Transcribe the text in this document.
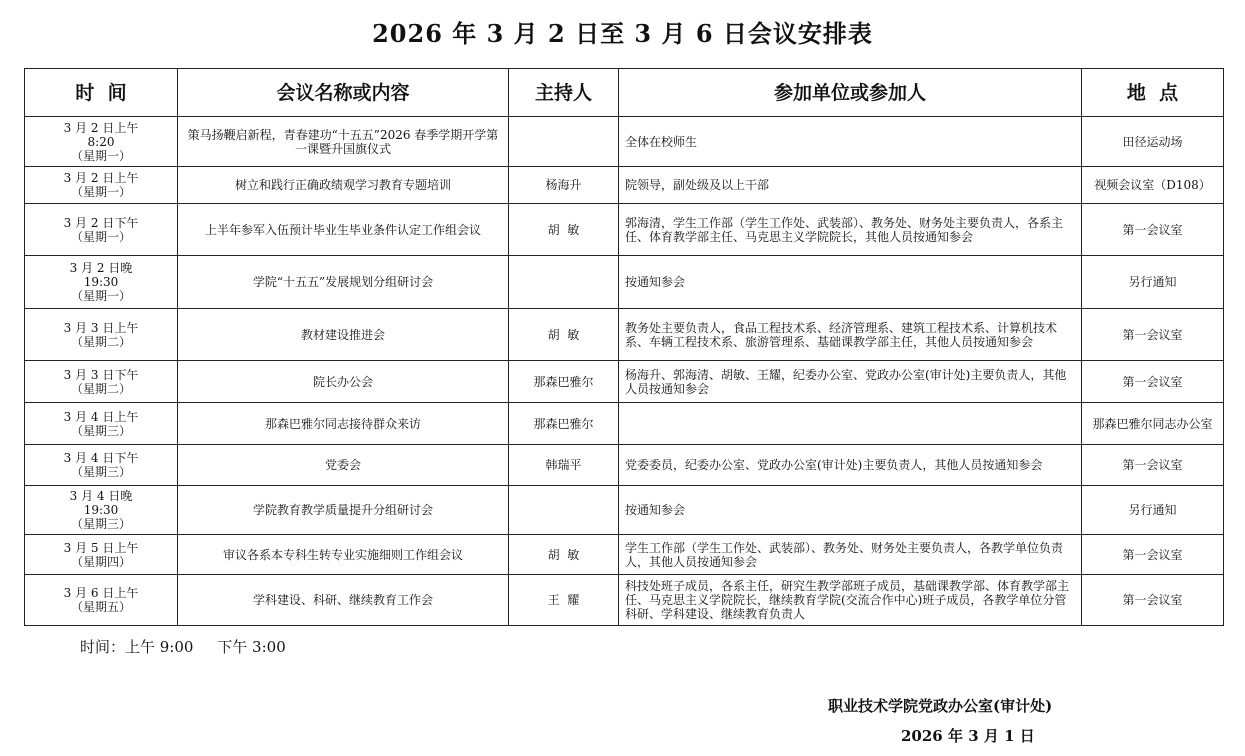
2026 年 3 月 2 日至 3 月 6 日会议安排表
时  间	会议名称或内容	主持人	参加单位或参加人	地  点

3 月 2 日上午
8:20
（星期一）	策马扬鞭启新程，青春建功“十五五”2026 春季学期开学第一课暨升国旗仪式		全体在校师生	田径运动场

3 月 2 日上午
（星期一）	树立和践行正确政绩观学习教育专题培训	杨海升	院领导，副处级及以上干部	视频会议室（D108）

3 月 2 日下午
（星期一）	上半年参军入伍预计毕业生毕业条件认定工作组会议	胡  敏	郭海清，学生工作部（学生工作处、武装部）、教务处、财务处主要负责人，各系主任、体育教学部主任、马克思主义学院院长，其他人员按通知参会	第一会议室

3 月 2 日晚
19:30
（星期一）	学院“十五五”发展规划分组研讨会		按通知参会	另行通知

3 月 3 日上午
（星期二）	教材建设推进会	胡  敏	教务处主要负责人，食品工程技术系、经济管理系、建筑工程技术系、计算机技术系、车辆工程技术系、旅游管理系、基础课教学部主任，其他人员按通知参会	第一会议室

3 月 3 日下午
（星期二）	院长办公会	那森巴雅尔	杨海升、郭海清、胡敏、王耀，纪委办公室、党政办公室(审计处)主要负责人，其他人员按通知参会	第一会议室

3 月 4 日上午
（星期三）	那森巴雅尔同志接待群众来访	那森巴雅尔		那森巴雅尔同志办公室

3 月 4 日下午
（星期三）	党委会	韩瑞平	党委委员，纪委办公室、党政办公室(审计处)主要负责人，其他人员按通知参会	第一会议室

3 月 4 日晚
19:30
（星期三）	学院教育教学质量提升分组研讨会		按通知参会	另行通知

3 月 5 日上午
（星期四）	审议各系本专科生转专业实施细则工作组会议	胡  敏	学生工作部（学生工作处、武装部）、教务处、财务处主要负责人，各教学单位负责人，其他人员按通知参会	第一会议室

3 月 6 日上午
（星期五）	学科建设、科研、继续教育工作会	王  耀	科技处班子成员，各系主任，研究生教学部班子成员，基础课教学部、体育教学部主任、马克思主义学院院长，继续教育学院(交流合作中心)班子成员，各教学单位分管科研、学科建设、继续教育负责人	第一会议室
时间：上午 9:00     下午 3:00
职业技术学院党政办公室(审计处)
2026 年 3 月 1 日
